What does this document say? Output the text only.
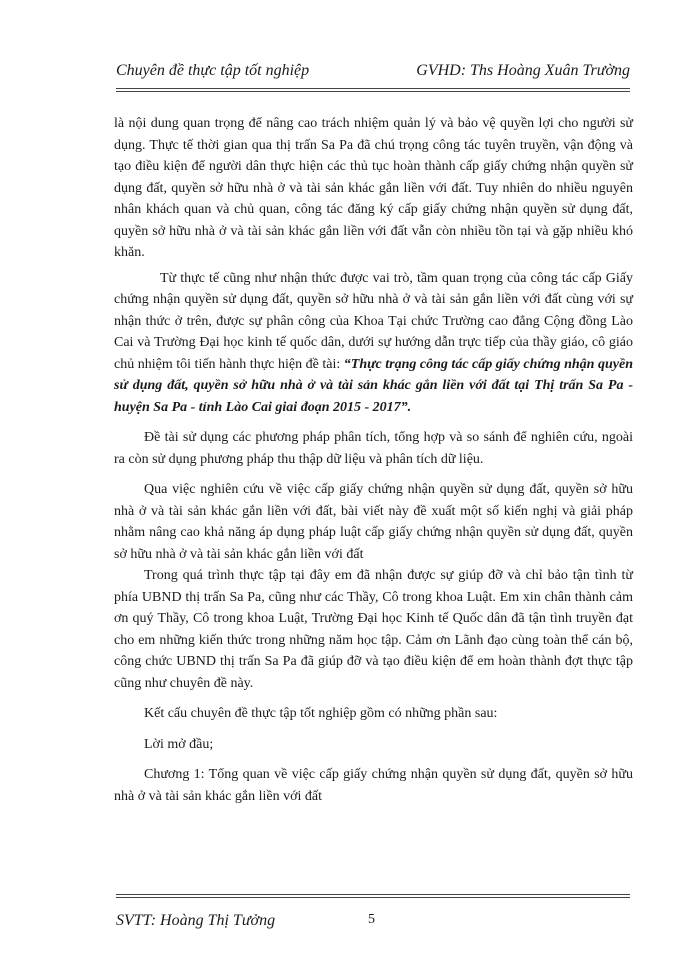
Chuyên đề thực tập tốt nghiệp	GVHD: Ths Hoàng Xuân Trường

là nội dung quan trọng để nâng cao trách nhiệm quản lý và bảo vệ quyền lợi cho người sử dụng. Thực tế thời gian qua thị trấn Sa Pa đã chú trọng công tác tuyên truyền, vận động và tạo điều kiện để người dân thực hiện các thủ tục hoàn thành cấp giấy chứng nhận quyền sử dụng đất, quyền sở hữu nhà ở và tài sản khác gắn liền với đất. Tuy nhiên do nhiều nguyên nhân khách quan và chủ quan, công tác đăng ký cấp giấy chứng nhận quyền sử dụng đất, quyền sở hữu nhà ở và tài sản khác gắn liền với đất vẫn còn nhiều tồn tại và gặp nhiều khó khăn.

Từ thực tế cũng như nhận thức được vai trò, tầm quan trọng của công tác cấp Giấy chứng nhận quyền sử dụng đất, quyền sở hữu nhà ở và tài sản gắn liền với đất cùng với sự nhận thức ở trên, được sự phân công của Khoa Tại chức Trường cao đẳng Cộng đồng Lào Cai và Trường Đại học kinh tế quốc dân, dưới sự hướng dẫn trực tiếp của thầy giáo, cô giáo chủ nhiệm tôi tiến hành thực hiện đề tài: “Thực trạng công tác cấp giấy chứng nhận quyền sử dụng đất, quyền sở hữu nhà ở và tài sản khác gắn liền với đất tại Thị trấn Sa Pa - huyện Sa Pa - tỉnh Lào Cai giai đoạn 2015 - 2017”.

Đề tài sử dụng các phương pháp phân tích, tổng hợp và so sánh để nghiên cứu, ngoài ra còn sử dụng phương pháp thu thập dữ liệu và phân tích dữ liệu.

Qua việc nghiên cứu về việc cấp giấy chứng nhận quyền sử dụng đất, quyền sở hữu nhà ở và tài sản khác gắn liền với đất, bài viết này đề xuất một số kiến nghị và giải pháp nhằm nâng cao khả năng áp dụng pháp luật cấp giấy chứng nhận quyền sử dụng đất, quyền sở hữu nhà ở và tài sản khác gắn liền với đất

Trong quá trình thực tập tại đây em đã nhận được sự giúp đỡ và chỉ bảo tận tình từ phía UBND thị trấn Sa Pa, cũng như các Thầy, Cô trong khoa Luật. Em xin chân thành cảm ơn quý Thầy, Cô trong khoa Luật, Trường Đại học Kinh tế Quốc dân đã tận tình truyền đạt cho em những kiến thức trong những năm học tập. Cảm ơn Lãnh đạo cùng toàn thể cán bộ, công chức UBND thị trấn Sa Pa đã giúp đỡ và tạo điều kiện để em hoàn thành đợt thực tập cũng như chuyên đề này.

Kết cấu chuyên đề thực tập tốt nghiệp gồm có những phần sau:

Lời mở đầu;

Chương 1: Tổng quan về việc cấp giấy chứng nhận quyền sử dụng đất, quyền sở hữu nhà ở và tài sản khác gắn liền với đất

SVTT: Hoàng Thị Tưởng	5
